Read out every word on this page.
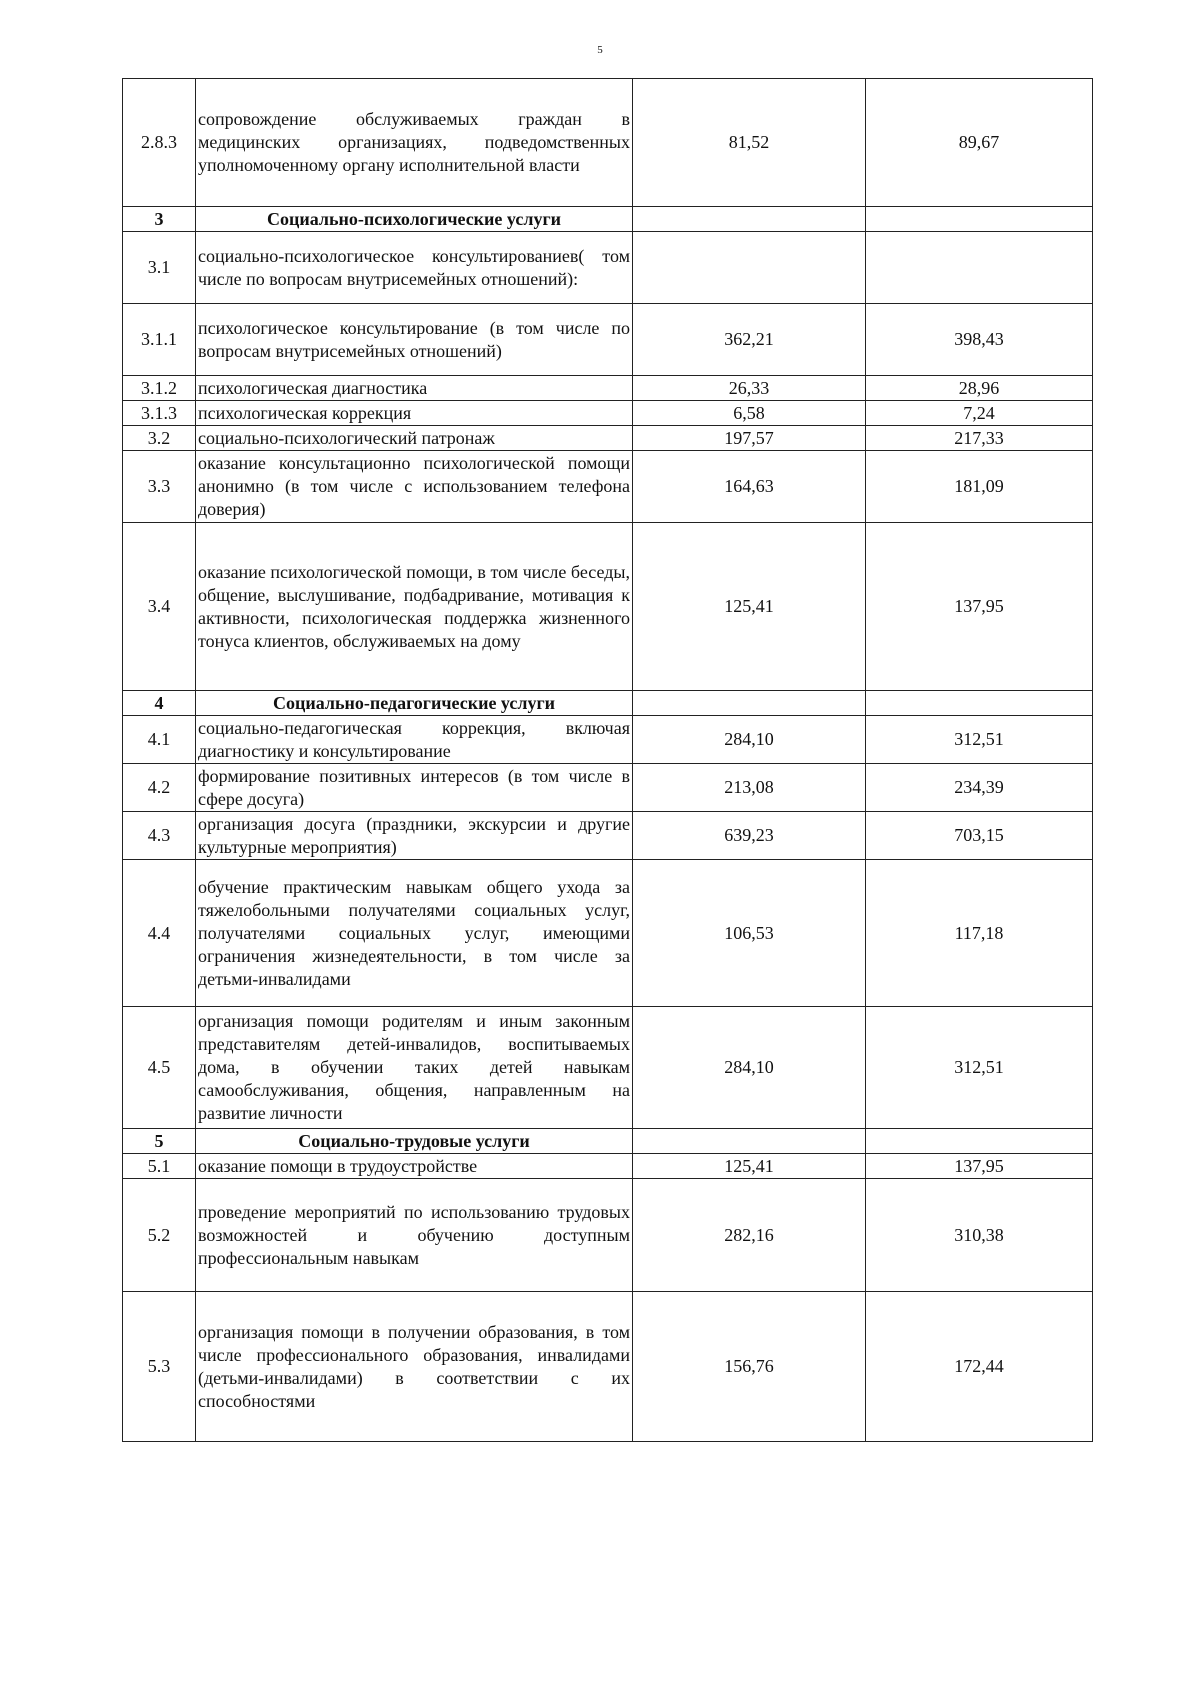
5
2.8.3	сопровождение обслуживаемых граждан в медицинских организациях, подведомственных уполномоченному органу исполнительной власти	81,52	89,67
3	Социально-психологические услуги		
3.1	социально-психологическое консультированиев( том числе по вопросам внутрисемейных отношений):		
3.1.1	психологическое консультирование (в том числе по вопросам внутрисемейных отношений)	362,21	398,43
3.1.2	психологическая диагностика	26,33	28,96
3.1.3	психологическая коррекция	6,58	7,24
3.2	социально-психологический патронаж	197,57	217,33
3.3	оказание консультационно психологической помощи анонимно (в том числе с использованием телефона доверия)	164,63	181,09
3.4	оказание психологической помощи, в том числе беседы, общение, выслушивание, подбадривание, мотивация к активности, психологическая поддержка жизненного тонуса клиентов, обслуживаемых на дому	125,41	137,95
4	Социально-педагогические услуги		
4.1	социально-педагогическая коррекция, включая диагностику и консультирование	284,10	312,51
4.2	формирование позитивных интересов (в том числе в сфере досуга)	213,08	234,39
4.3	организация досуга (праздники, экскурсии и другие культурные мероприятия)	639,23	703,15
4.4	обучение практическим навыкам общего ухода за тяжелобольными получателями социальных услуг, получателями социальных услуг, имеющими ограничения жизнедеятельности, в том числе за детьми-инвалидами	106,53	117,18
4.5	организация помощи родителям и иным законным представителям детей-инвалидов, воспитываемых дома, в обучении таких детей навыкам самообслуживания, общения, направленным на развитие личности	284,10	312,51
5	Социально-трудовые услуги		
5.1	оказание помощи в трудоустройстве	125,41	137,95
5.2	проведение мероприятий по использованию трудовых возможностей и обучению доступным профессиональным навыкам	282,16	310,38
5.3	организация помощи в получении образования, в том числе профессионального образования, инвалидами (детьми-инвалидами) в соответствии с их способностями	156,76	172,44
